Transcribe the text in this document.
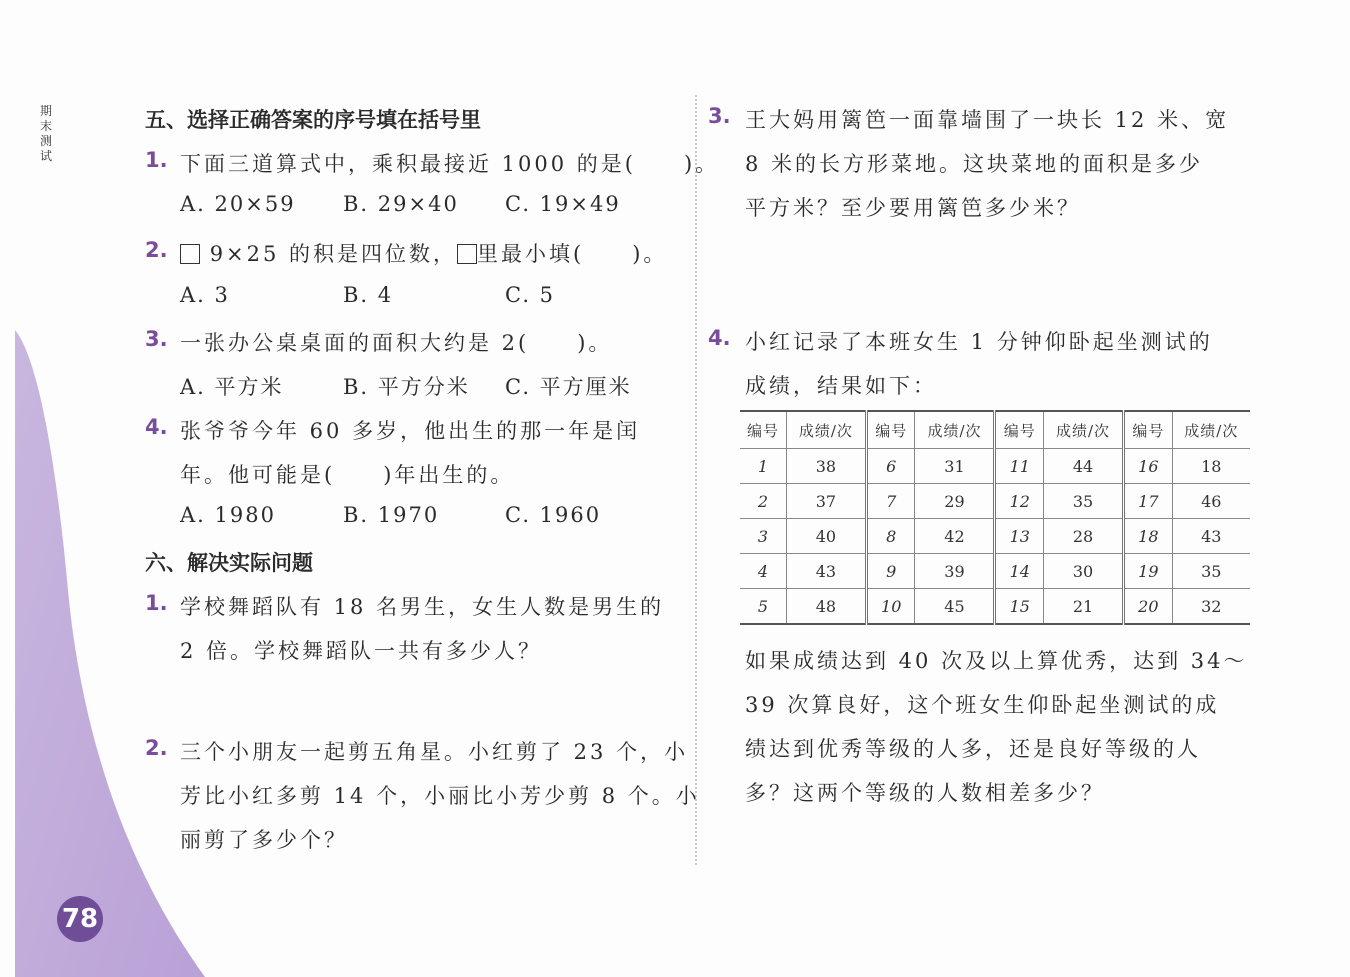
期末测试
78
五、选择正确答案的序号填在括号里
1. 下面三道算式中，乘积最接近 1000 的是(　　)。
A. 20×59 B. 29×40 C. 19×49
2.	9×25 的积是四位数， 里最小填(　　)。
A. 3	B. 4	C. 5
3. 一张办公桌桌面的面积大约是 2(　　)。
A. 平方米	B. 平方分米 C. 平方厘米
4. 张爷爷今年 60 多岁，他出生的那一年是闰
年。他可能是(　　)年出生的。
A. 1980	B. 1970	C. 1960
六、解决实际问题
1. 学校舞蹈队有 18 名男生，女生人数是男生的
2 倍。学校舞蹈队一共有多少人？
2. 三个小朋友一起剪五角星。小红剪了 23 个，小
芳比小红多剪 14 个，小丽比小芳少剪 8 个。小
丽剪了多少个？
3. 王大妈用篱笆一面靠墙围了一块长 12 米、宽
8 米的长方形菜地。这块菜地的面积是多少
平方米？至少要用篱笆多少米？
4. 小红记录了本班女生 1 分钟仰卧起坐测试的
成绩，结果如下：
编号	成绩/次	编号	成绩/次	编号	成绩/次	编号	成绩/次
1	38	6	31	11	44	16	18
2	37	7	29	12	35	17	46
3	40	8	42	13	28	18	43
4	43	9	39	14	30	19	35
5	48	10	45	15	21	20	32
如果成绩达到 40 次及以上算优秀，达到 34～
39 次算良好，这个班女生仰卧起坐测试的成
绩达到优秀等级的人多，还是良好等级的人
多？这两个等级的人数相差多少？
